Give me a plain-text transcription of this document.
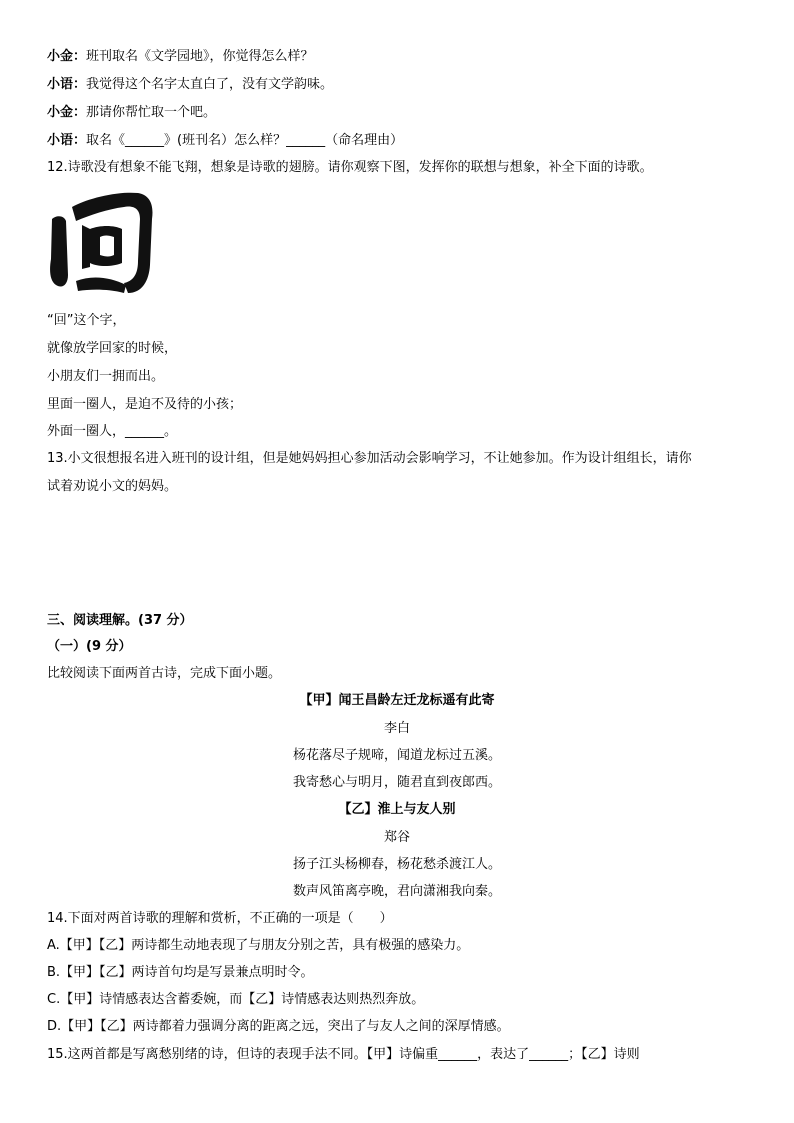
小金：班刊取名《文学园地》，你觉得怎么样？
小语：我觉得这个名字太直白了，没有文学韵味。
小金：那请你帮忙取一个吧。
小语：取名《______》(班刊名）怎么样？______（命名理由）
12.诗歌没有想象不能飞翔，想象是诗歌的翅膀。请你观察下图，发挥你的联想与想象，补全下面的诗歌。
“回”这个字，
就像放学回家的时候，
小朋友们一拥而出。
里面一圈人，是迫不及待的小孩；
外面一圈人，______。
13.小文很想报名进入班刊的设计组，但是她妈妈担心参加活动会影响学习，不让她参加。作为设计组组长，请你
试着劝说小文的妈妈。
三、阅读理解。(37 分）
（一）(9 分）
比较阅读下面两首古诗，完成下面小题。
【甲】闻王昌龄左迁龙标遥有此寄
李白
杨花落尽子规啼，闻道龙标过五溪。
我寄愁心与明月，随君直到夜郎西。
【乙】淮上与友人别
郑谷
扬子江头杨柳春，杨花愁杀渡江人。
数声风笛离亭晚，君向潇湘我向秦。
14.下面对两首诗歌的理解和赏析，不正确的一项是（　　）
A.【甲】【乙】两诗都生动地表现了与朋友分别之苦，具有极强的感染力。
B.【甲】【乙】两诗首句均是写景兼点明时令。
C.【甲】诗情感表达含蓄委婉，而【乙】诗情感表达则热烈奔放。
D.【甲】【乙】两诗都着力强调分离的距离之远，突出了与友人之间的深厚情感。
15.这两首都是写离愁别绪的诗，但诗的表现手法不同。【甲】诗偏重______，表达了______；【乙】诗则
